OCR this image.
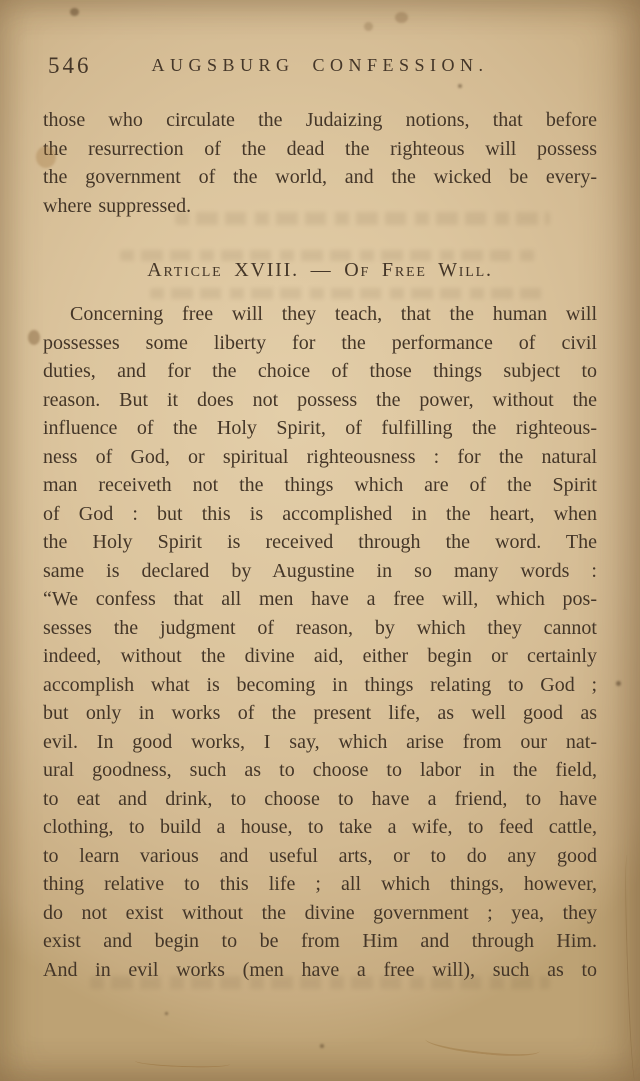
546	AUGSBURG CONFESSION.
those who circulate the Judaizing notions, that before
the resurrection of the dead the righteous will possess
the government of the world, and the wicked be every-
where suppressed.
Article XVIII. — Of Free Will.
Concerning free will they teach, that the human will
possesses some liberty for the performance of civil
duties, and for the choice of those things subject to
reason. But it does not possess the power, without the
influence of the Holy Spirit, of fulfilling the righteous-
ness of God, or spiritual righteousness : for the natural
man receiveth not the things which are of the Spirit
of God : but this is accomplished in the heart, when
the Holy Spirit is received through the word. The
same is declared by Augustine in so many words :
“We confess that all men have a free will, which pos-
sesses the judgment of reason, by which they cannot
indeed, without the divine aid, either begin or certainly
accomplish what is becoming in things relating to God ;
but only in works of the present life, as well good as
evil. In good works, I say, which arise from our nat-
ural goodness, such as to choose to labor in the field,
to eat and drink, to choose to have a friend, to have
clothing, to build a house, to take a wife, to feed cattle,
to learn various and useful arts, or to do any good
thing relative to this life ; all which things, however,
do not exist without the divine government ; yea, they
exist and begin to be from Him and through Him.
And in evil works (men have a free will), such as to
